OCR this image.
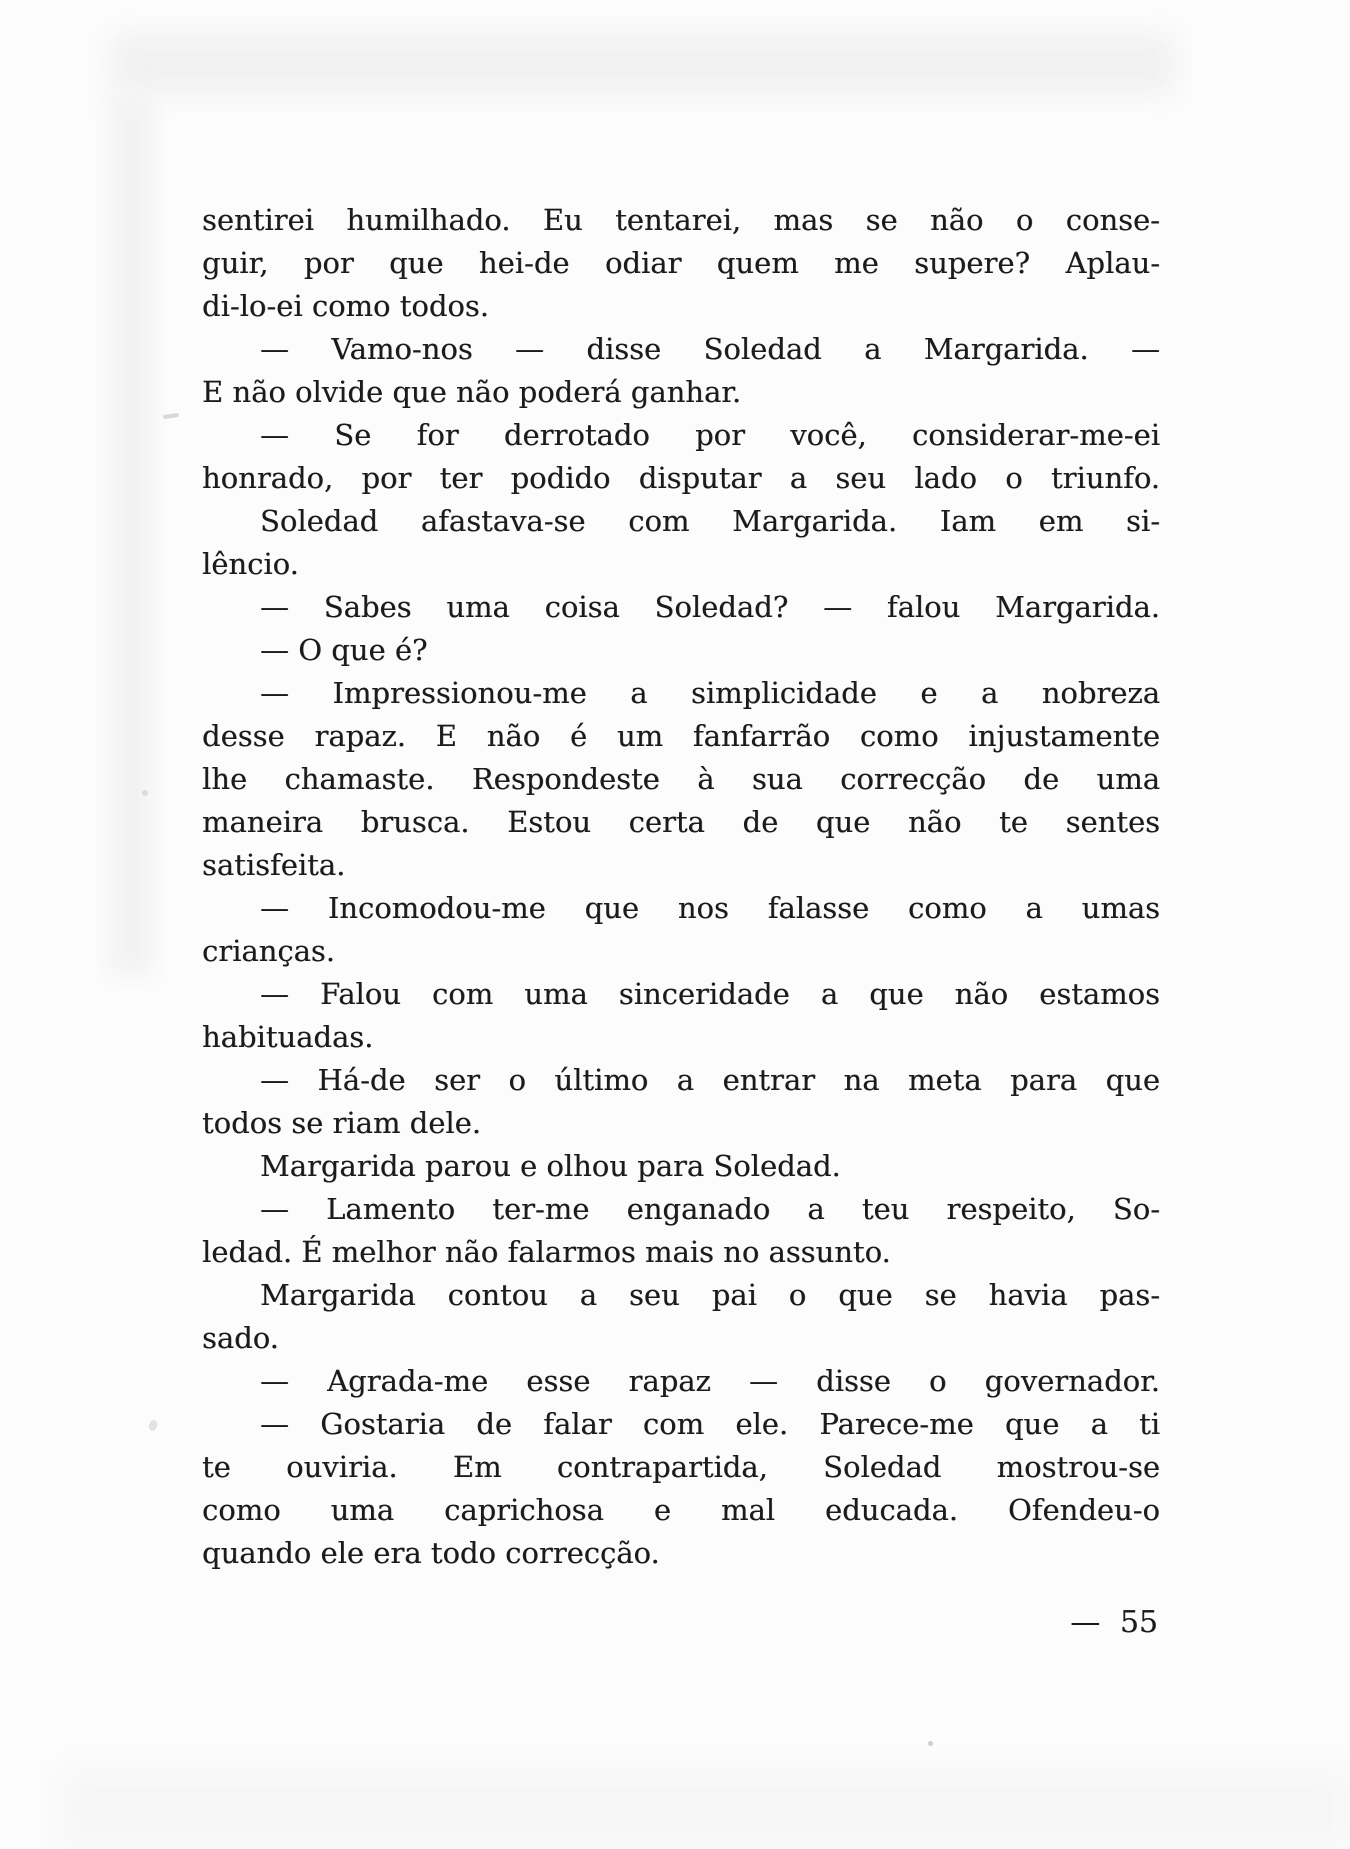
sentirei humilhado. Eu tentarei, mas se não o conse-
guir, por que hei-de odiar quem me supere? Aplau-
di-lo-ei como todos.
— Vamo-nos — disse Soledad a Margarida. —
E não olvide que não poderá ganhar.
— Se for derrotado por você, considerar-me-ei
honrado, por ter podido disputar a seu lado o triunfo.
Soledad afastava-se com Margarida. Iam em si-
lêncio.
— Sabes uma coisa Soledad? — falou Margarida.
— O que é?
— Impressionou-me a simplicidade e a nobreza
desse rapaz. E não é um fanfarrão como injustamente
lhe chamaste. Respondeste à sua correcção de uma
maneira brusca. Estou certa de que não te sentes
satisfeita.
— Incomodou-me que nos falasse como a umas
crianças.
— Falou com uma sinceridade a que não estamos
habituadas.
— Há-de ser o último a entrar na meta para que
todos se riam dele.
Margarida parou e olhou para Soledad.
— Lamento ter-me enganado a teu respeito, So-
ledad. É melhor não falarmos mais no assunto.
Margarida contou a seu pai o que se havia pas-
sado.
— Agrada-me esse rapaz — disse o governador.
— Gostaria de falar com ele. Parece-me que a ti
te ouviria. Em contrapartida, Soledad mostrou-se
como uma caprichosa e mal educada. Ofendeu-o
quando ele era todo correcção.
— 55
